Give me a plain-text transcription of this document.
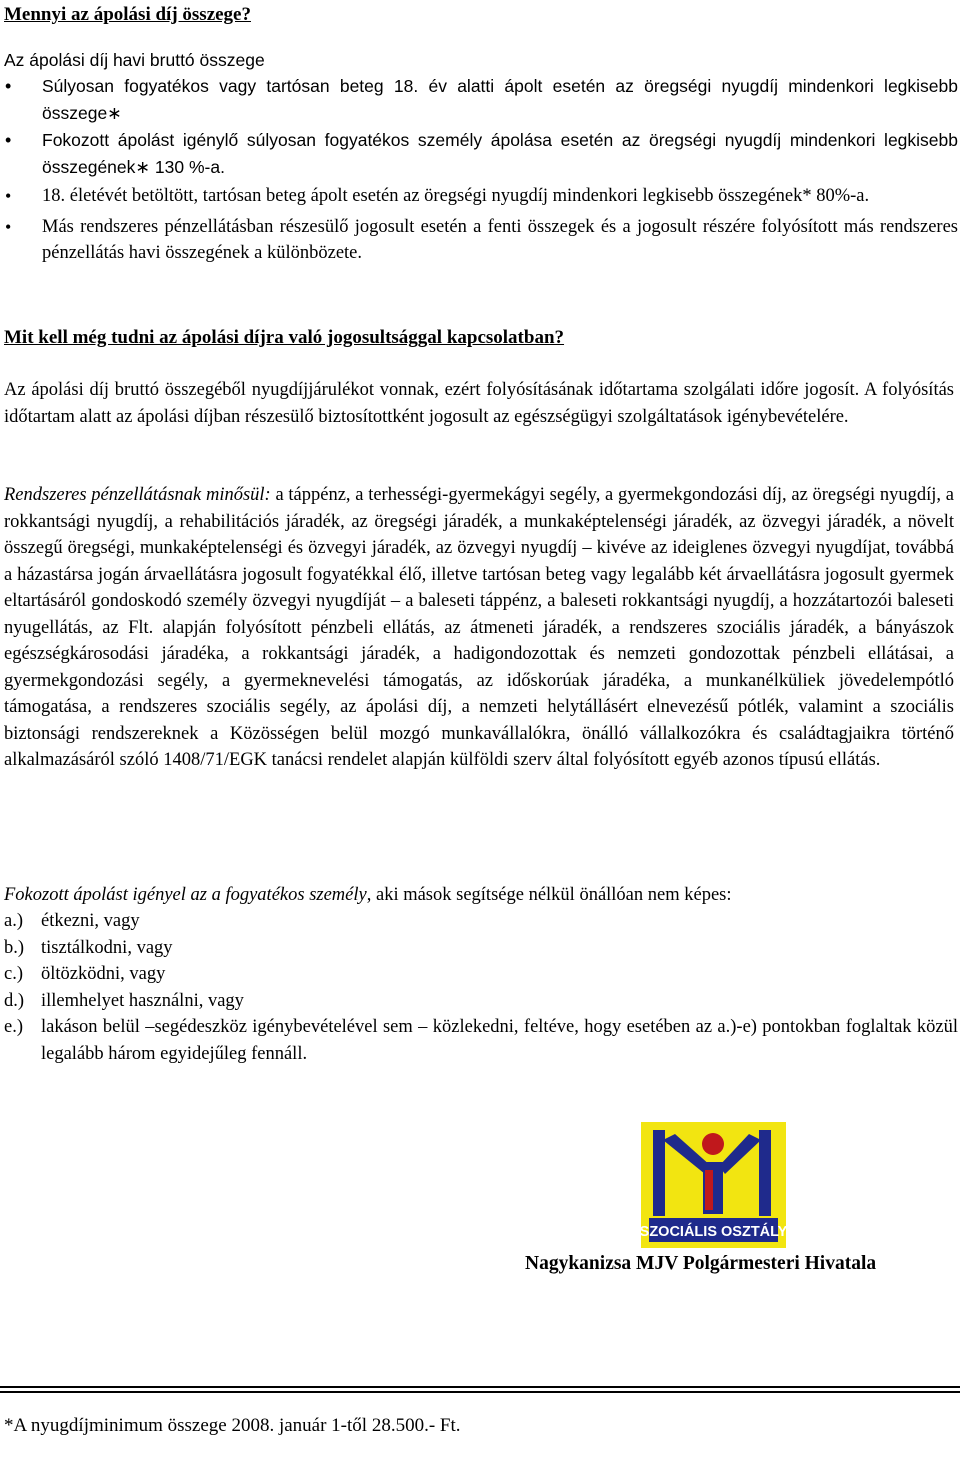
Mennyi az ápolási díj összege?

Az ápolási díj havi bruttó összege

• Súlyosan fogyatékos vagy tartósan beteg 18. év alatti ápolt esetén az öregségi nyugdíj mindenkori legkisebb összege∗
• Fokozott ápolást igénylő súlyosan fogyatékos személy ápolása esetén az öregségi nyugdíj mindenkori legkisebb összegének∗ 130 %-a.
• 18. életévét betöltött, tartósan beteg ápolt esetén az öregségi nyugdíj mindenkori legkisebb összegének* 80%-a.
• Más rendszeres pénzellátásban részesülő jogosult esetén a fenti összegek és a jogosult részére folyósított más rendszeres pénzellátás havi összegének a különbözete.

Mit kell még tudni az ápolási díjra való jogosultsággal kapcsolatban?

Az ápolási díj bruttó összegéből nyugdíjjárulékot vonnak, ezért folyósításának időtartama szolgálati időre jogosít. A folyósítás időtartam alatt az ápolási díjban részesülő biztosítottként jogosult az egészségügyi szolgáltatások igénybevételére.

Rendszeres pénzellátásnak minősül: a táppénz, a terhességi-gyermekágyi segély, a gyermekgondozási díj, az öregségi nyugdíj, a rokkantsági nyugdíj, a rehabilitációs járadék, az öregségi járadék, a munkaképtelenségi járadék, az özvegyi járadék, a növelt összegű öregségi, munkaképtelenségi és özvegyi járadék, az özvegyi nyugdíj – kivéve az ideiglenes özvegyi nyugdíjat, továbbá a házastársa jogán árvaellátásra jogosult fogyatékkal élő, illetve tartósan beteg vagy legalább két árvaellátásra jogosult gyermek eltartásáról gondoskodó személy özvegyi nyugdíját – a baleseti táppénz, a baleseti rokkantsági nyugdíj, a hozzátartozói baleseti nyugellátás, az Flt. alapján folyósított pénzbeli ellátás, az átmeneti járadék, a rendszeres szociális járadék, a bányászok egészségkárosodási járadéka, a rokkantsági járadék, a hadigondozottak és nemzeti gondozottak pénzbeli ellátásai, a gyermekgondozási segély, a gyermeknevelési támogatás, az időskorúak járadéka, a munkanélküliek jövedelempótló támogatása, a rendszeres szociális segély, az ápolási díj, a nemzeti helytállásért elnevezésű pótlék, valamint a szociális biztonsági rendszereknek a Közösségen belül mozgó munkavállalókra, önálló vállalkozókra és családtagjaikra történő alkalmazásáról szóló 1408/71/EGK tanácsi rendelet alapján külföldi szerv által folyósított egyéb azonos típusú ellátás.

Fokozott ápolást igényel az a fogyatékos személy, aki mások segítsége nélkül önállóan nem képes:

a.) étkezni, vagy
b.) tisztálkodni, vagy
c.) öltözködni, vagy
d.) illemhelyet használni, vagy
e.) lakáson belül –segédeszköz igénybevételével sem – közlekedni, feltéve, hogy esetében az a.)-e) pontokban foglaltak közül legalább három egyidejűleg fennáll.
SZOCIÁLIS OSZTÁLY

Nagykanizsa MJV Polgármesteri Hivatala

*A nyugdíjminimum összege 2008. január 1-től 28.500.- Ft.
